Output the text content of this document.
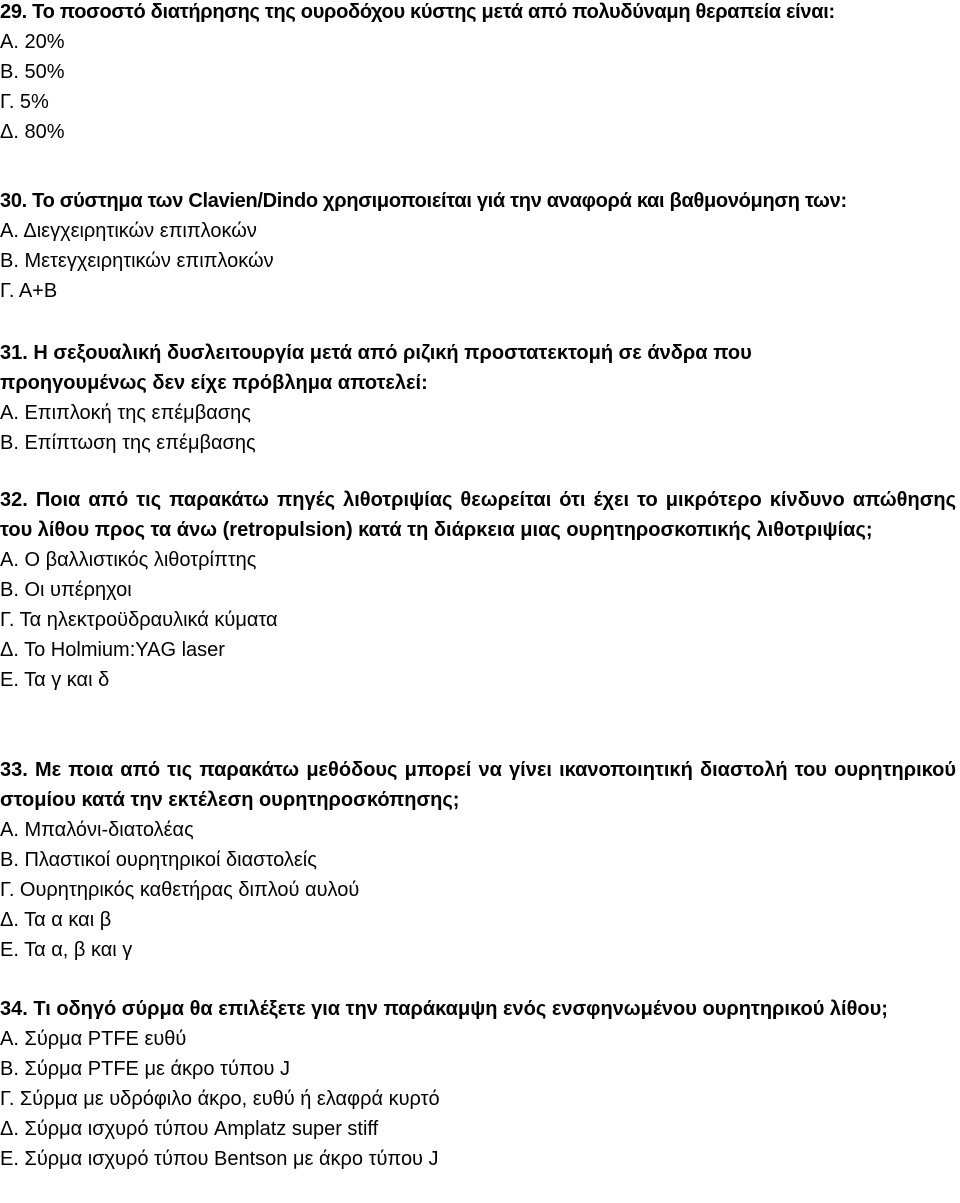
29. Το ποσοστό διατήρησης της ουροδόχου κύστης μετά από πολυδύναμη θεραπεία είναι:

Α. 20%

Β. 50%

Γ. 5%

Δ. 80%

30. Το σύστημα των Clavien/Dindo χρησιμοποιείται γιά την αναφορά και βαθμονόμηση των:

Α. Διεγχειρητικών επιπλοκών

Β. Μετεγχειρητικών επιπλοκών

Γ. Α+Β

31. Η σεξουαλική δυσλειτουργία μετά από ριζική προστατεκτομή σε άνδρα που προηγουμένως δεν είχε πρόβλημα αποτελεί:

Α. Επιπλοκή της επέμβασης

Β. Επίπτωση της επέμβασης

32. Ποια από τις παρακάτω πηγές λιθοτριψίας θεωρείται ότι έχει το μικρότερο κίνδυνο απώθησης του λίθου προς τα άνω (retropulsion) κατά τη διάρκεια μιας ουρητηροσκοπικής λιθοτριψίας;

Α. Ο βαλλιστικός λιθοτρίπτης

Β. Οι υπέρηχοι

Γ. Τα ηλεκτροϋδραυλικά κύματα

Δ. Το Holmium:YAG laser

Ε. Τα γ και δ

33. Με ποια από τις παρακάτω μεθόδους μπορεί να γίνει ικανοποιητική διαστολή του ουρητηρικού στομίου κατά την εκτέλεση ουρητηροσκόπησης;

Α. Μπαλόνι-διατολέας

Β. Πλαστικοί ουρητηρικοί διαστολείς

Γ. Ουρητηρικός καθετήρας διπλού αυλού

Δ. Τα α και β

Ε. Τα α, β και γ

34. Τι οδηγό σύρμα θα επιλέξετε για την παράκαμψη ενός ενσφηνωμένου ουρητηρικού λίθου;

Α. Σύρμα PTFE ευθύ

Β. Σύρμα PTFE με άκρο τύπου J

Γ. Σύρμα με υδρόφιλο άκρο, ευθύ ή ελαφρά κυρτό

Δ. Σύρμα ισχυρό τύπου Amplatz super stiff

Ε. Σύρμα ισχυρό τύπου Bentson με άκρο τύπου J
